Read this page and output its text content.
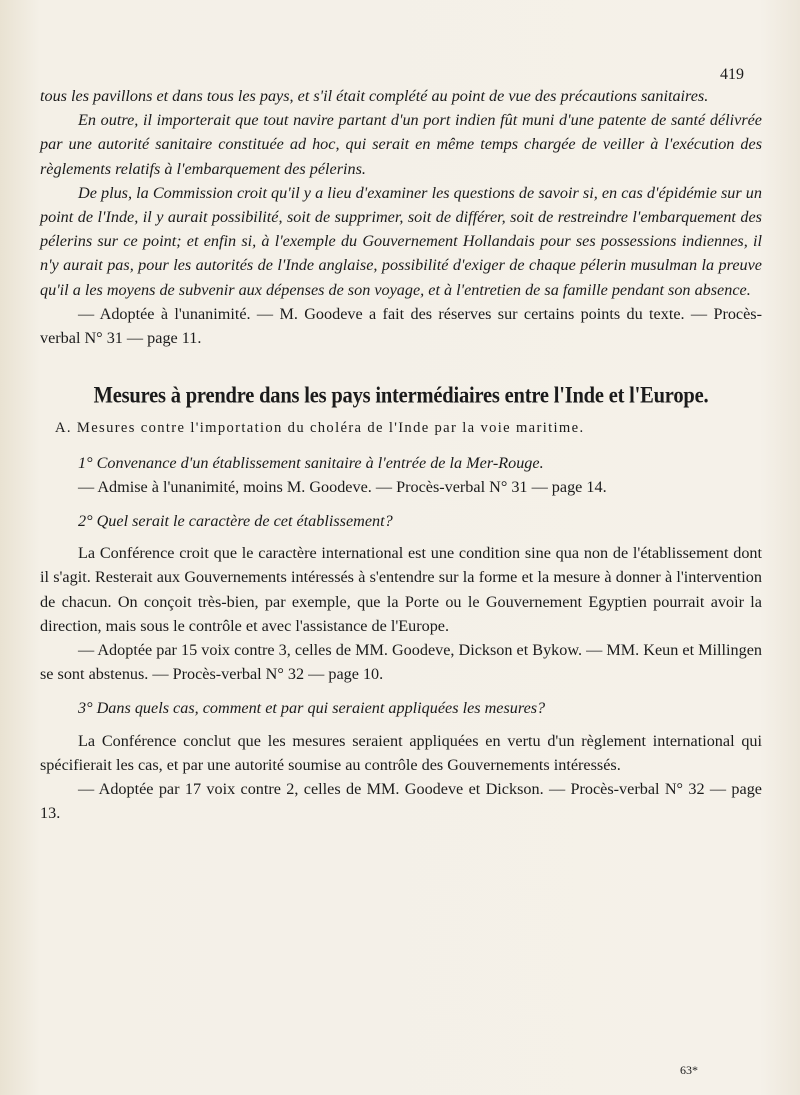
419

tous les pavillons et dans tous les pays, et s'il était complété au point de vue des précautions sanitaires.

En outre, il importerait que tout navire partant d'un port indien fût muni d'une patente de santé délivrée par une autorité sanitaire constituée ad hoc, qui serait en même temps chargée de veiller à l'exécution des règlements relatifs à l'embarquement des pélerins.

De plus, la Commission croit qu'il y a lieu d'examiner les questions de savoir si, en cas d'épidémie sur un point de l'Inde, il y aurait possibilité, soit de supprimer, soit de différer, soit de restreindre l'embarquement des pélerins sur ce point; et enfin si, à l'exemple du Gouvernement Hollandais pour ses possessions indiennes, il n'y aurait pas, pour les autorités de l'Inde anglaise, possibilité d'exiger de chaque pélerin musulman la preuve qu'il a les moyens de subvenir aux dépenses de son voyage, et à l'entretien de sa famille pendant son absence.

— Adoptée à l'unanimité. — M. Goodeve a fait des réserves sur certains points du texte. — Procès-verbal N° 31 — page 11.

Mesures à prendre dans les pays intermédiaires entre l'Inde et l'Europe.

A. Mesures contre l'importation du choléra de l'Inde par la voie maritime.

1° Convenance d'un établissement sanitaire à l'entrée de la Mer-Rouge.

— Admise à l'unanimité, moins M. Goodeve. — Procès-verbal N° 31 — page 14.

2° Quel serait le caractère de cet établissement?

La Conférence croit que le caractère international est une condition sine qua non de l'établissement dont il s'agit. Resterait aux Gouvernements intéressés à s'entendre sur la forme et la mesure à donner à l'intervention de chacun. On conçoit très-bien, par exemple, que la Porte ou le Gouvernement Egyptien pourrait avoir la direction, mais sous le contrôle et avec l'assistance de l'Europe.

— Adoptée par 15 voix contre 3, celles de MM. Goodeve, Dickson et Bykow. — MM. Keun et Millingen se sont abstenus. — Procès-verbal N° 32 — page 10.

3° Dans quels cas, comment et par qui seraient appliquées les mesures?

La Conférence conclut que les mesures seraient appliquées en vertu d'un règlement international qui spécifierait les cas, et par une autorité soumise au contrôle des Gouvernements intéressés.

— Adoptée par 17 voix contre 2, celles de MM. Goodeve et Dickson. — Procès-verbal N° 32 — page 13.

63*
